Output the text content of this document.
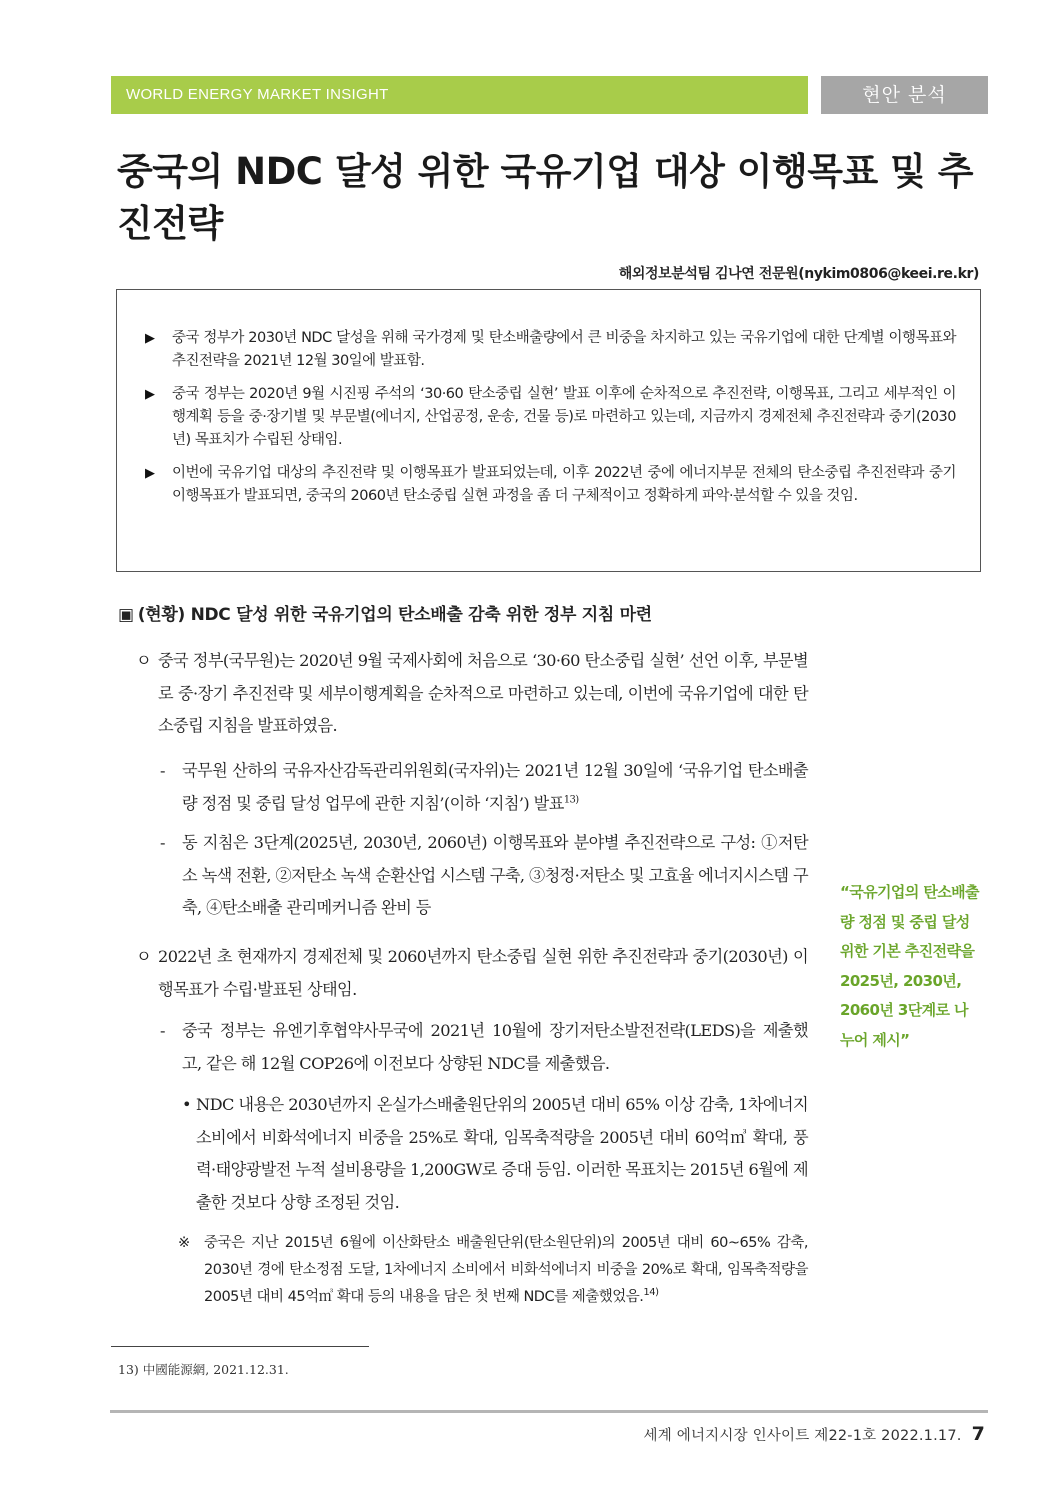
WORLD ENERGY MARKET INSIGHT	현안 분석
중국의 NDC 달성 위한 국유기업 대상 이행목표 및 추진전략
해외정보분석팀 김나연 전문원(nykim0806@keei.re.kr)
▶ 중국 정부가 2030년 NDC 달성을 위해 국가경제 및 탄소배출량에서 큰 비중을 차지하고 있는 국유기업에 대한 단계별 이행목표와 추진전략을 2021년 12월 30일에 발표함.
▶ 중국 정부는 2020년 9월 시진핑 주석의 ‘30·60 탄소중립 실현’ 발표 이후에 순차적으로 추진전략, 이행목표, 그리고 세부적인 이행계획 등을 중·장기별 및 부문별(에너지, 산업공정, 운송, 건물 등)로 마련하고 있는데, 지금까지 경제전체 추진전략과 중기(2030년) 목표치가 수립된 상태임.
▶ 이번에 국유기업 대상의 추진전략 및 이행목표가 발표되었는데, 이후 2022년 중에 에너지부문 전체의 탄소중립 추진전략과 중기 이행목표가 발표되면, 중국의 2060년 탄소중립 실현 과정을 좀 더 구체적이고 정확하게 파악·분석할 수 있을 것임.
▣ (현황) NDC 달성 위한 국유기업의 탄소배출 감축 위한 정부 지침 마련
ㅇ 중국 정부(국무원)는 2020년 9월 국제사회에 처음으로 ‘30·60 탄소중립 실현’ 선언 이후, 부문별로 중·장기 추진전략 및 세부이행계획을 순차적으로 마련하고 있는데, 이번에 국유기업에 대한 탄소중립 지침을 발표하였음.
- 국무원 산하의 국유자산감독관리위원회(국자위)는 2021년 12월 30일에 ‘국유기업 탄소배출량 정점 및 중립 달성 업무에 관한 지침’(이하 ‘지침’) 발표$^{13)}$
- 동 지침은 3단계(2025년, 2030년, 2060년) 이행목표와 분야별 추진전략으로 구성: ①저탄소 녹색 전환, ②저탄소 녹색 순환산업 시스템 구축, ③청정·저탄소 및 고효율 에너지시스템 구축, ④탄소배출 관리메커니즘 완비 등
ㅇ 2022년 초 현재까지 경제전체 및 2060년까지 탄소중립 실현 위한 추진전략과 중기(2030년) 이행목표가 수립·발표된 상태임.
- 중국 정부는 유엔기후협약사무국에 2021년 10월에 장기저탄소발전전략(LEDS)을 제출했고, 같은 해 12월 COP26에 이전보다 상향된 NDC를 제출했음.
• NDC 내용은 2030년까지 온실가스배출원단위의 2005년 대비 65% 이상 감축, 1차에너지 소비에서 비화석에너지 비중을 25%로 확대, 임목축적량을 2005년 대비 60억㎥ 확대, 풍력·태양광발전 누적 설비용량을 1,200GW로 증대 등임. 이러한 목표치는 2015년 6월에 제출한 것보다 상향 조정된 것임.
※ 중국은 지난 2015년 6월에 이산화탄소 배출원단위(탄소원단위)의 2005년 대비 60~65% 감축, 2030년 경에 탄소정점 도달, 1차에너지 소비에서 비화석에너지 비중을 20%로 확대, 임목축적량을 2005년 대비 45억㎥ 확대 등의 내용을 담은 첫 번째 NDC를 제출했었음.$^{14)}$
“국유기업의 탄소배출량 정점 및 중립 달성위한 기본 추진전략을 2025년, 2030년, 2060년 3단계로 나누어 제시”
13) 中國能源網, 2021.12.31.
세계 에너지시장 인사이트 제22-1호 2022.1.17. 7
